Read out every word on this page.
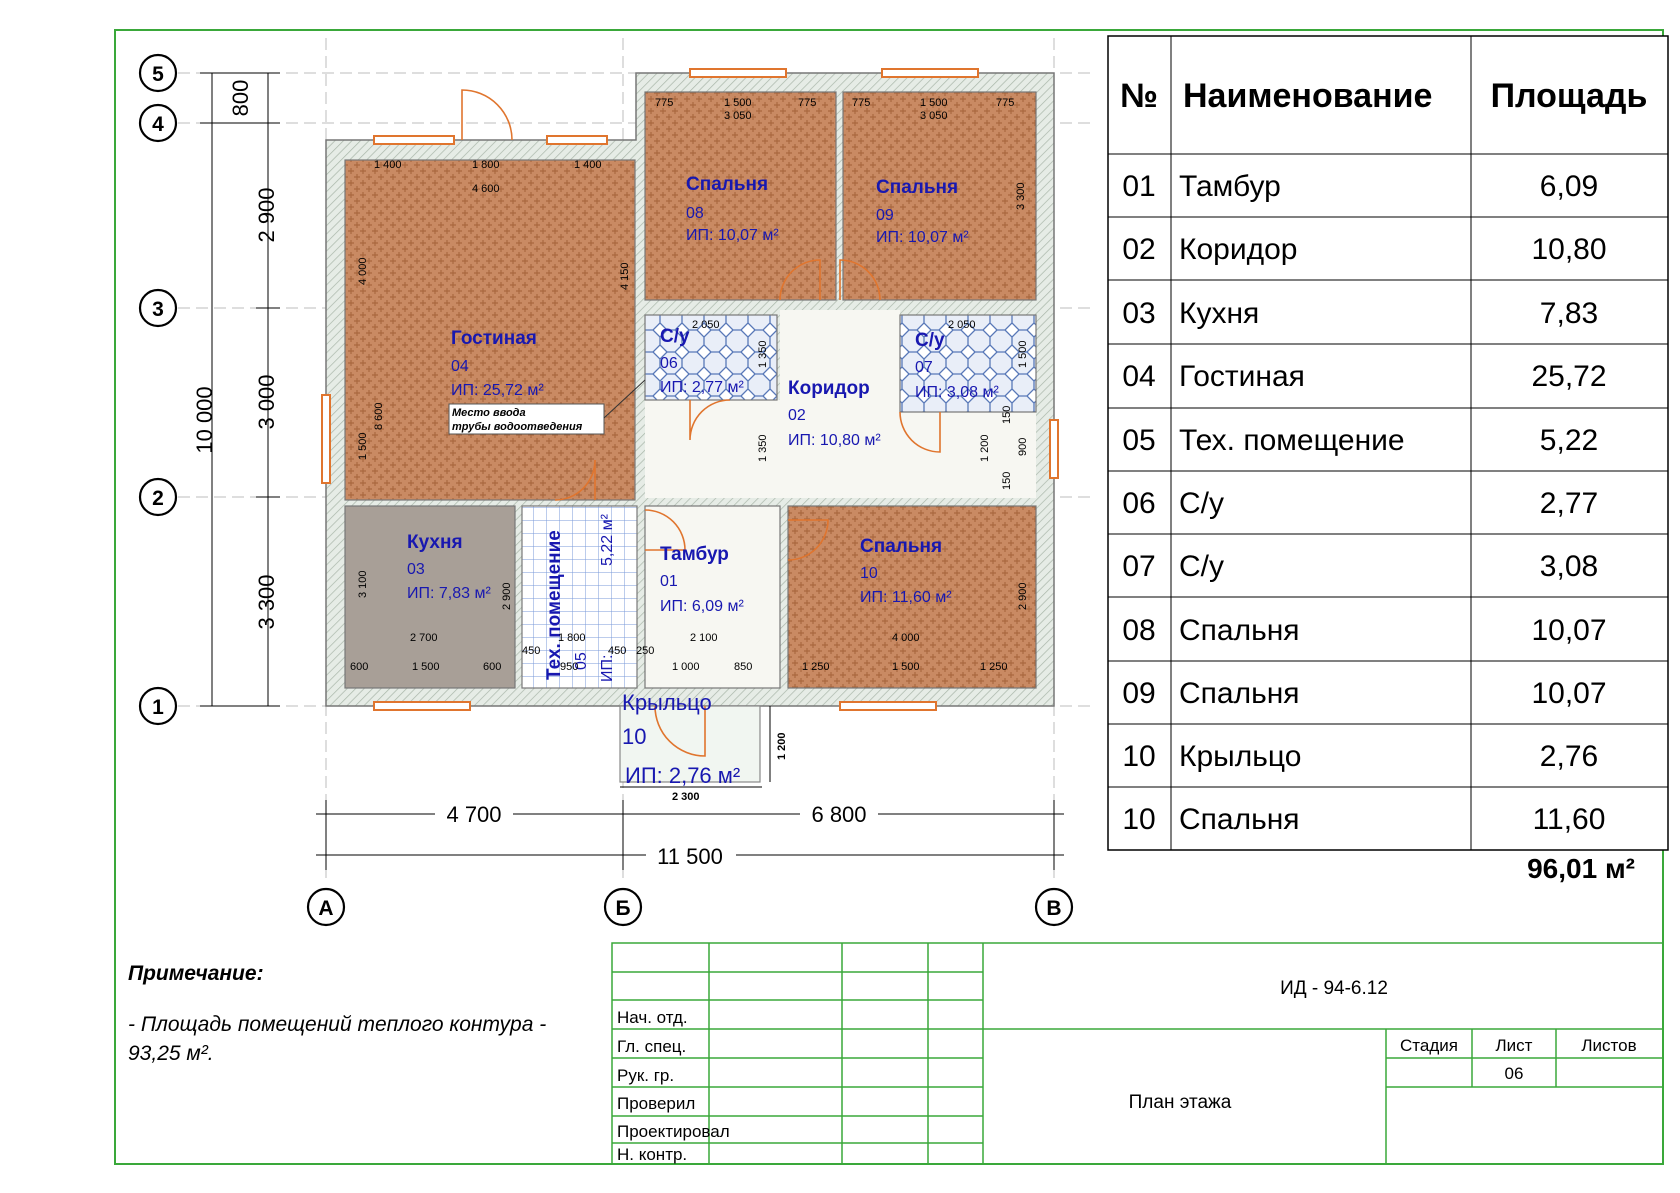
Место ввода
трубы водоотведения
Спальня
08
ИП: 10,07 м²
Спальня
09
ИП: 10,07 м²
Гостиная
04
ИП: 25,72 м²
С/у
06
ИП: 2,77 м² Коридор
02
ИП: 10,80 м²
С/у
07
ИП: 3,08 м²
Кухня
03
ИП: 7,83 м²	Тех. помещение 05
5,22 м²
ИП:
Тамбур
01
ИП: 6,09 м²
Спальня
10
ИП: 11,60 м²
Крыльцо
10
ИП: 2,76 м²
775	1 500
3 050
775	775	1 500
3 050
775
1 400	1 800	1 400
4 600
2 050	2 050
2 700
600	1 500	600
1 800
450
950
450 250
2 100
1 000	850
4 000
1 250	1 500	1 250
4 000	4 150
3 300
8 600
1 500
1 350	1 500
1 350	1 200
150
900
150
3 100	2 900	2 900
2 300
1 200
10 000
800
2 900
3 000
3 300
4 700	6 800
11 500
5
4
3
2
1
А	Б	В
№ Наименование Площадь
01 Тамбур	6,09
02 Коридор	10,80
03 Кухня	7,83
04 Гостиная	25,72
05 Тех. помещение	5,22
06 С/у	2,77
07 С/у	3,08
08 Спальня	10,07
09 Спальня	10,07
10 Крыльцо	2,76
10 Спальня	11,60
96,01 м²
Примечание:
- Площадь помещений теплого контура -
93,25 м².
Нач. отд.
Гл. спец.
Рук. гр.
Проверил
Проектировал
Н. контр.
ИД - 94-6.12
Стадия Лист	Листов
06
План этажа
